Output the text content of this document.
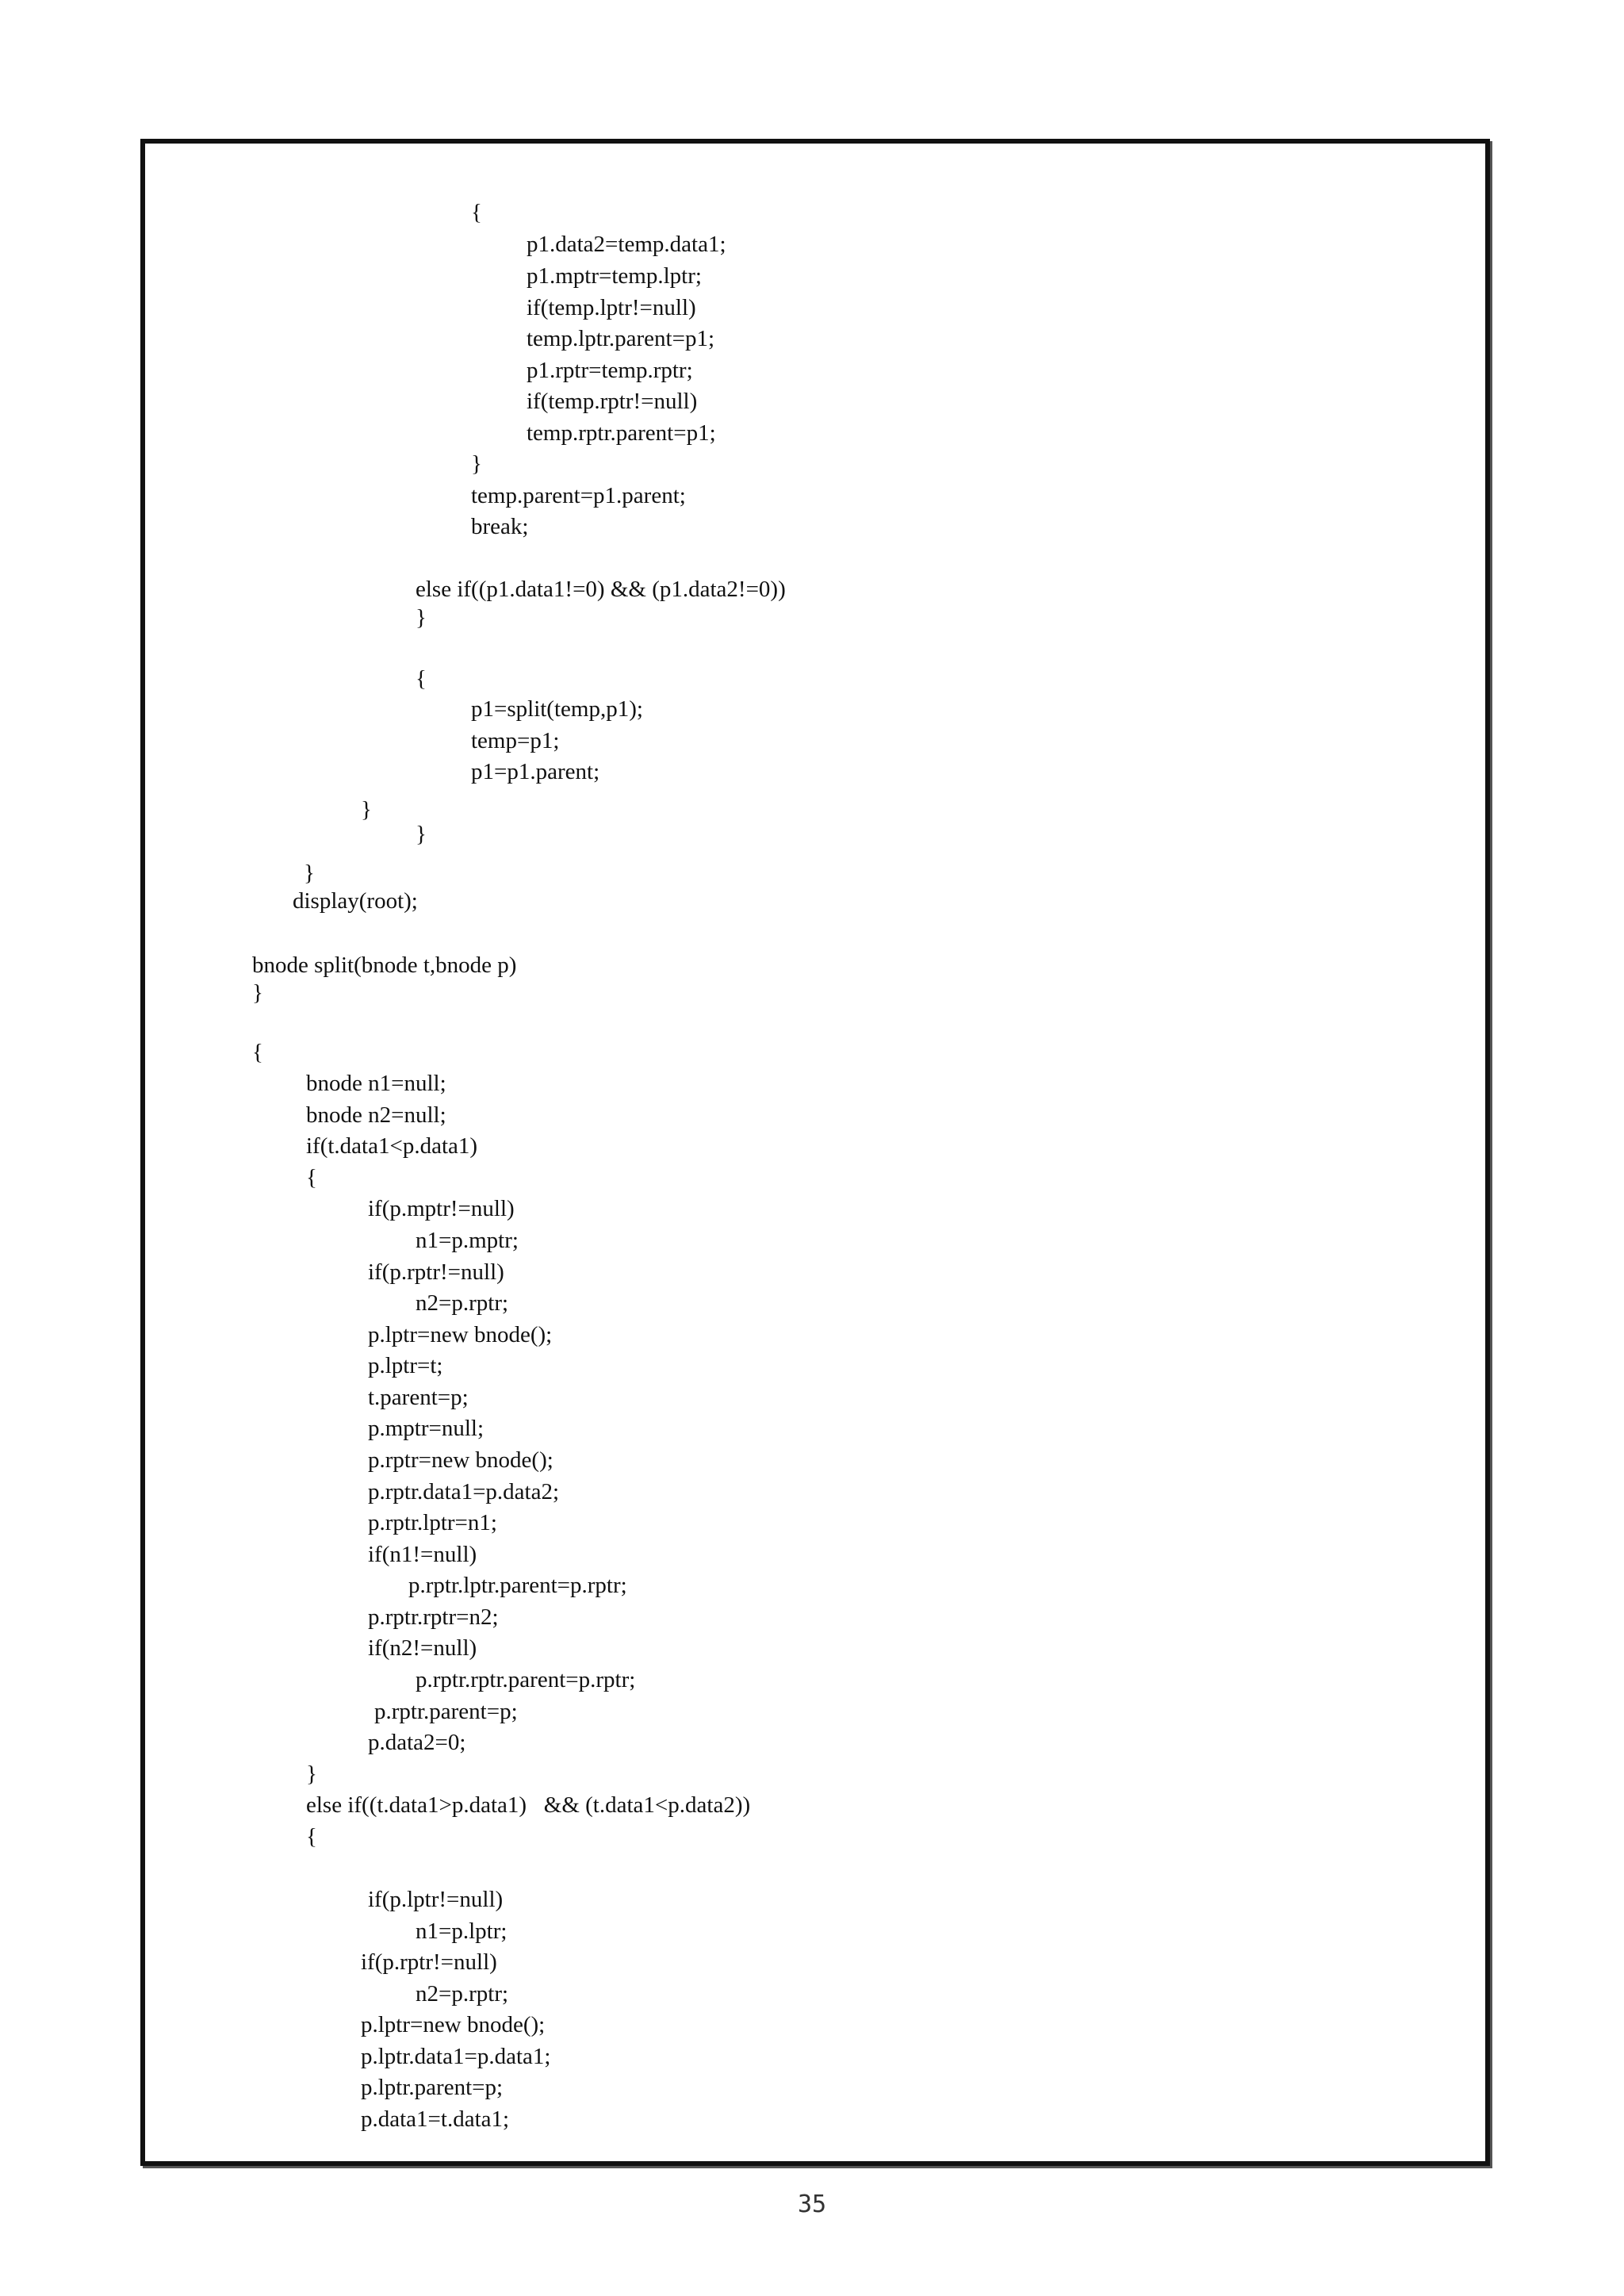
{
p1.data2=temp.data1;
p1.mptr=temp.lptr;
if(temp.lptr!=null)
temp.lptr.parent=p1;
p1.rptr=temp.rptr;
if(temp.rptr!=null)
temp.rptr.parent=p1;
}
temp.parent=p1.parent;
break;
else if((p1.data1!=0) && (p1.data2!=0))
}
{
p1=split(temp,p1);
temp=p1;
p1=p1.parent;
}
}
}
display(root);
bnode split(bnode t,bnode p)
}
{
bnode n1=null;
bnode n2=null;
if(t.data1<p.data1)
{
if(p.mptr!=null)
n1=p.mptr;
if(p.rptr!=null)
n2=p.rptr;
p.lptr=new bnode();
p.lptr=t;
t.parent=p;
p.mptr=null;
p.rptr=new bnode();
p.rptr.data1=p.data2;
p.rptr.lptr=n1;
if(n1!=null)
p.rptr.lptr.parent=p.rptr;
p.rptr.rptr=n2;
if(n2!=null)
p.rptr.rptr.parent=p.rptr;
p.rptr.parent=p;
p.data2=0;
}
else if((t.data1>p.data1)   && (t.data1<p.data2))
{
if(p.lptr!=null)
n1=p.lptr;
if(p.rptr!=null)
n2=p.rptr;
p.lptr=new bnode();
p.lptr.data1=p.data1;
p.lptr.parent=p;
p.data1=t.data1;
35
